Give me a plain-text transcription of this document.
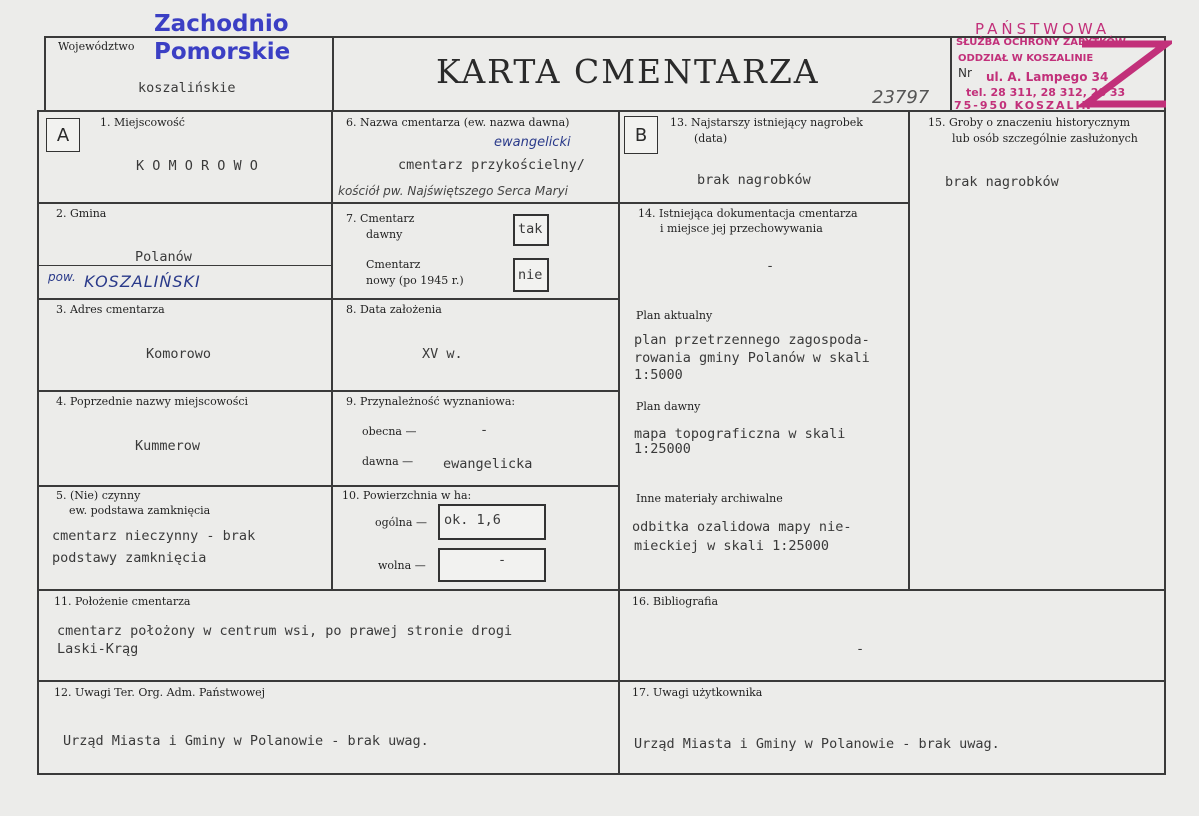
Województwo
koszalińskie
Zachodnio
Pomorskie	KARTA CMENTARZA
23797
PAŃSTWOWA
SŁUŻBA OCHRONY ZABYTKÓW
ODDZIAŁ W KOSZALINIE
Nr ul. A. Lampego 34
tel. 28 311, 28 312, 28 33
75-950 KOSZALIN
A
1. Miejscowość
K O M O R O W O
2. Gmina
Polanów
pow. KOSZALIŃSKI
3. Adres cmentarza
Komorowo
4. Poprzednie nazwy miejscowości
Kummerow
5. (Nie) czynny
ew. podstawa zamknięcia
cmentarz nieczynny - brak
podstawy zamknięcia
6. Nazwa cmentarza (ew. nazwa dawna)
ewangelicki
cmentarz przykościelny/
kościół pw. Najświętszego Serca Maryi
7. Cmentarz
dawny	tak
Cmentarz
nowy (po 1945 r.)	nie
8. Data założenia
XV w.
9. Przynależność wyznaniowa:
obecna —	-
dawna — ewangelicka
10. Powierzchnia w ha:
ogólna — ok. 1,6
wolna —	-
B
13. Najstarszy istniejący nagrobek
(data)
brak nagrobków
14. Istniejąca dokumentacja cmentarza
i miejsce jej przechowywania
-
Plan aktualny
plan przetrzennego zagospoda-
rowania gminy Polanów w skali
1:5000
Plan dawny
mapa topograficzna w skali
1:25000
Inne materiały archiwalne
odbitka ozalidowa mapy nie-
mieckiej w skali 1:25000
15. Groby o znaczeniu historycznym
lub osób szczególnie zasłużonych
brak nagrobków
11. Położenie cmentarza
cmentarz położony w centrum wsi, po prawej stronie drogi
Laski-Krąg
16. Bibliografia
-
12. Uwagi Ter. Org. Adm. Państwowej
Urząd Miasta i Gminy w Polanowie - brak uwag.
17. Uwagi użytkownika
Urząd Miasta i Gminy w Polanowie - brak uwag.
